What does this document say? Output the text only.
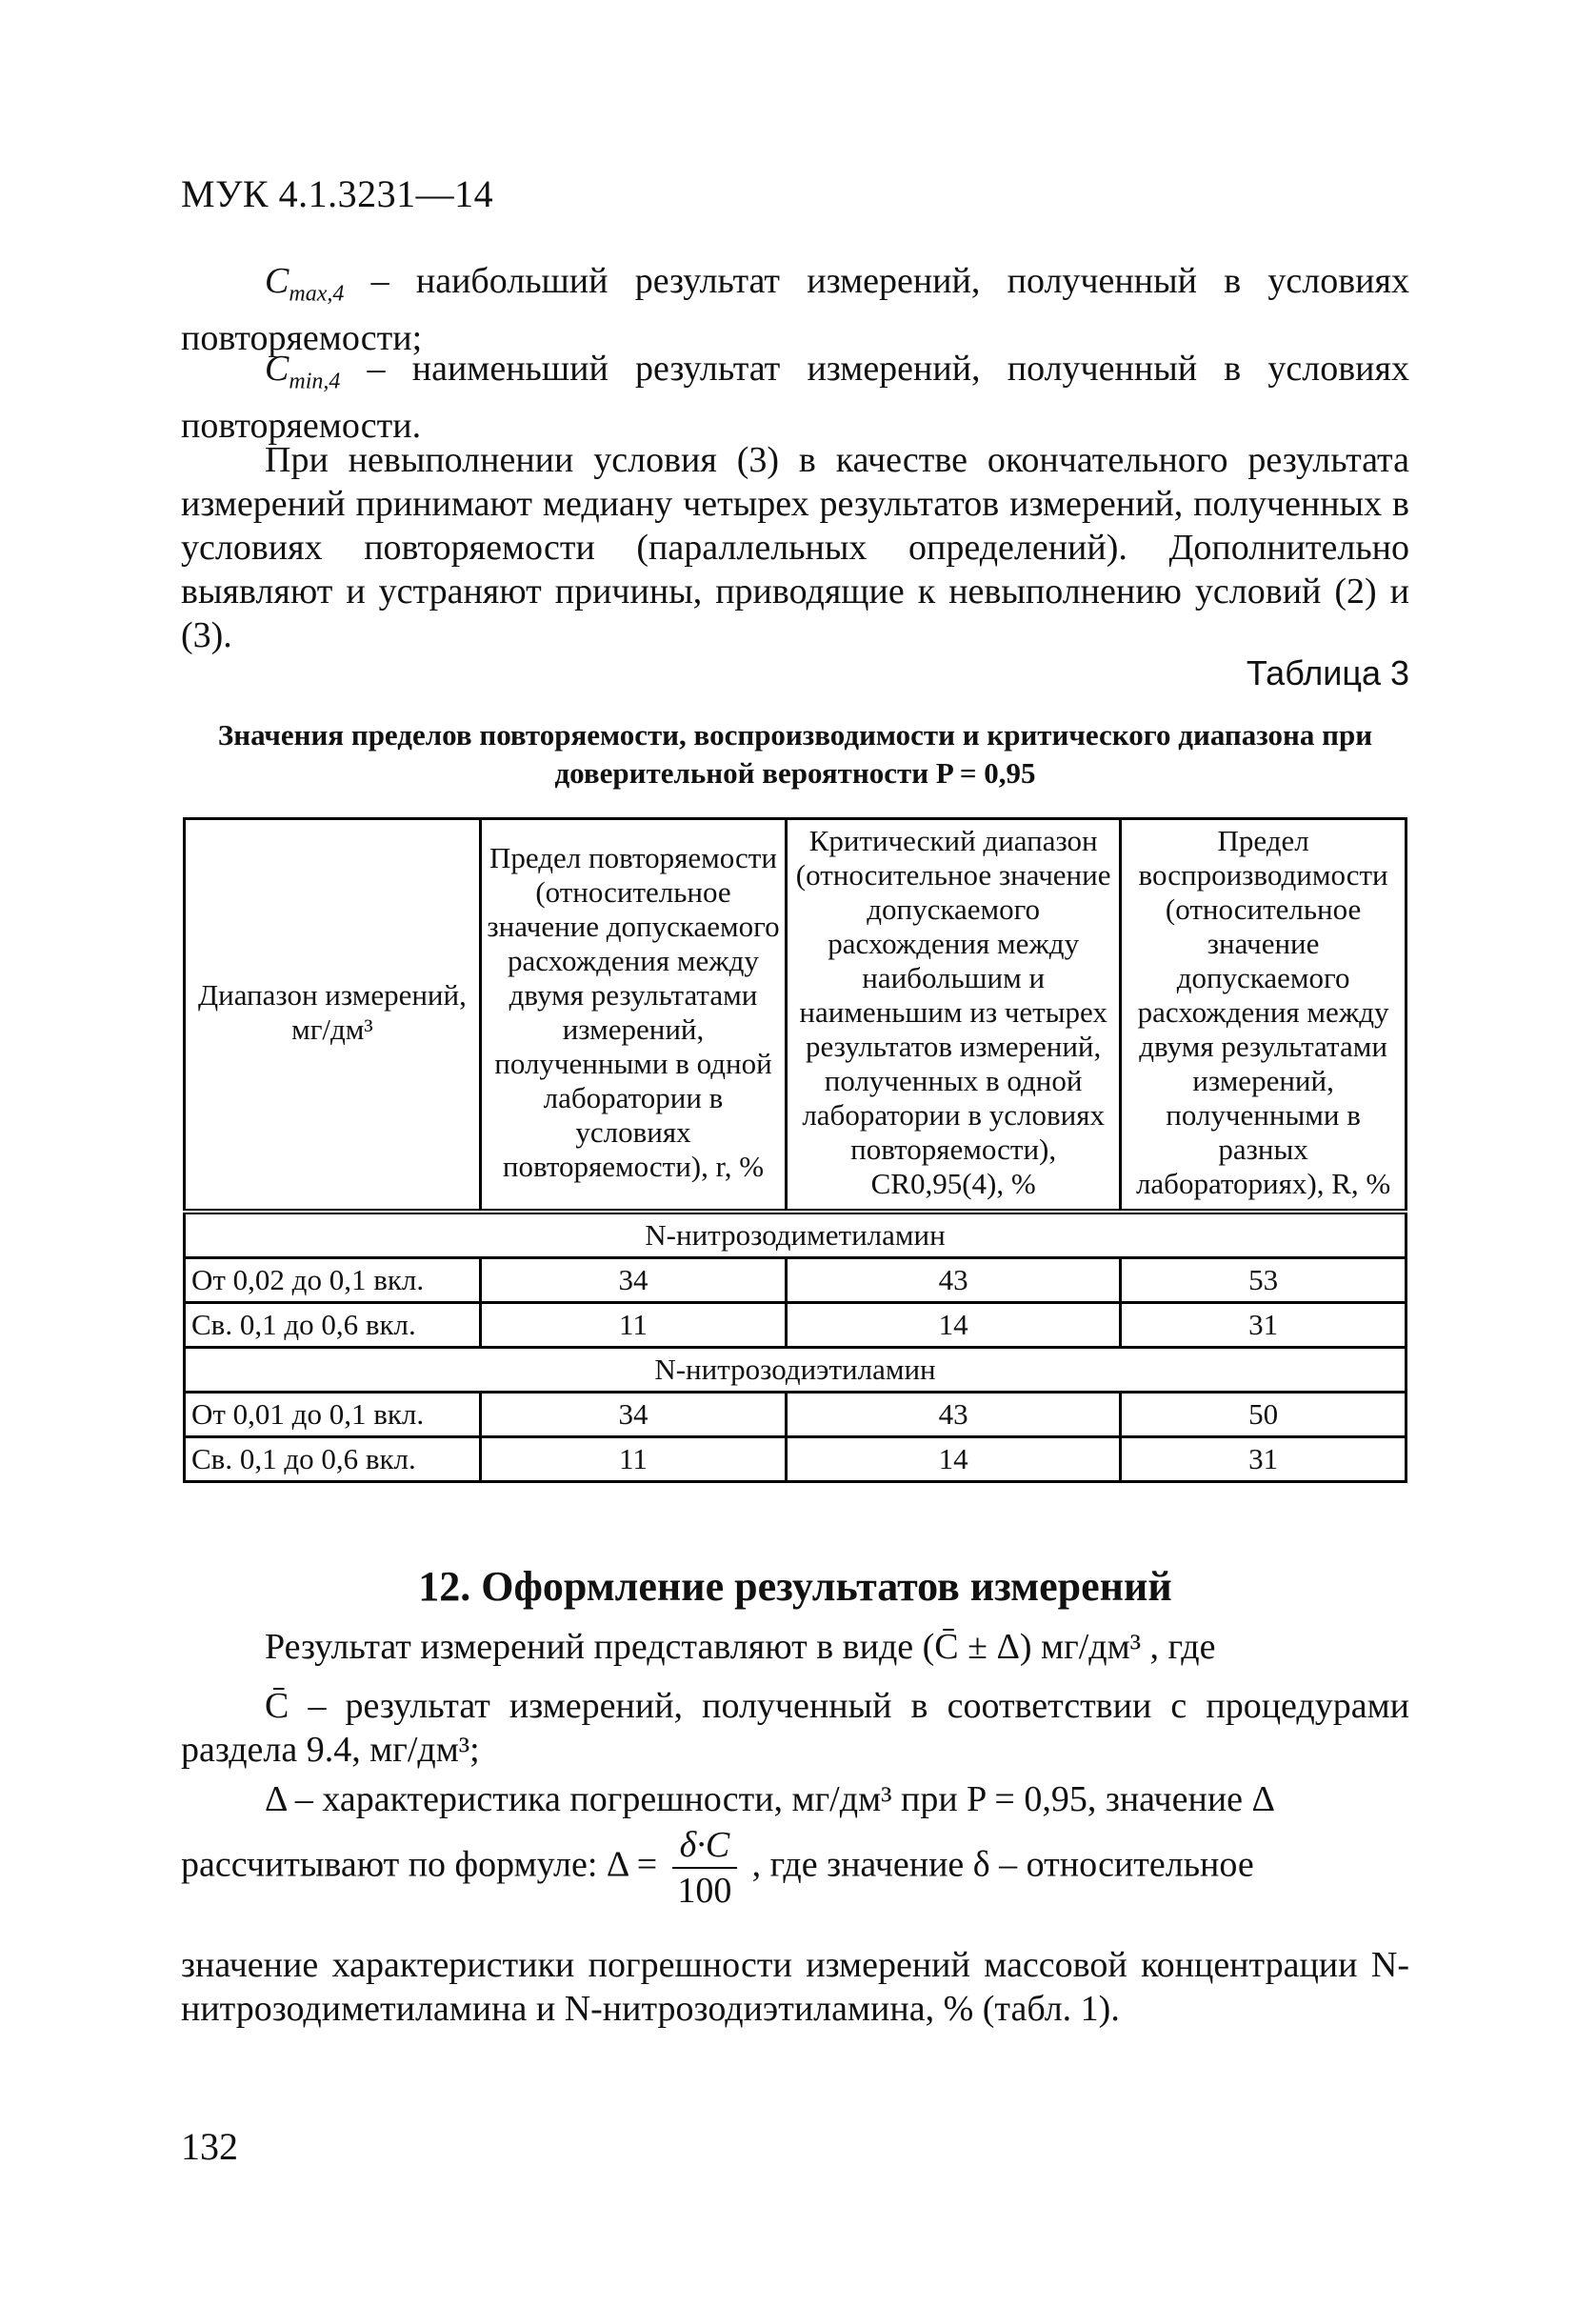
МУК 4.1.3231—14
$C_{max,4}$ – наибольший результат измерений, полученный в условиях повторяемости;
$C_{min,4}$ – наименьший результат измерений, полученный в условиях повторяемости.
При невыполнении условия (3) в качестве окончательного результата измерений принимают медиану четырех результатов измерений, полученных в условиях повторяемости (параллельных определений). Дополнительно выявляют и устраняют причины, приводящие к невыполнению условий (2) и (3).
Таблица 3
Значения пределов повторяемости, воспроизводимости и критического диапазона при доверительной вероятности P = 0,95
Диапазон измерений, мг/дм³	Предел повторяемости (относительное значение допускаемого расхождения между двумя результатами измерений, полученными в одной лаборатории в условиях повторяемости), r, %	Критический диапазон (относительное значение допускаемого расхождения между наибольшим и наименьшим из четырех результатов измерений, полученных в одной лаборатории в условиях повторяемости), CR0,95(4), %	Предел воспроизводимости (относительное значение допускаемого расхождения между двумя результатами измерений, полученными в разных лабораториях), R, %
N-нитрозодиметиламин			
От 0,02 до 0,1 вкл.	34	43	53
Св. 0,1 до 0,6 вкл.	11	14	31
N-нитрозодиэтиламин			
От 0,01 до 0,1 вкл.	34	43	50
Св. 0,1 до 0,6 вкл.	11	14	31
12. Оформление результатов измерений
Результат измерений представляют в виде (C̄ ± Δ) мг/дм³ , где
C̄ – результат измерений, полученный в соответствии с процедурами раздела 9.4, мг/дм³;
Δ – характеристика погрешности, мг/дм³ при P = 0,95, значение Δ
рассчитывают по формуле: $\Delta = \frac{\delta\cdot C}{100}$ , где значение δ – относительное
значение характеристики погрешности измерений массовой концентрации N-нитрозодиметиламина и N-нитрозодиэтиламина, % (табл. 1).
132
